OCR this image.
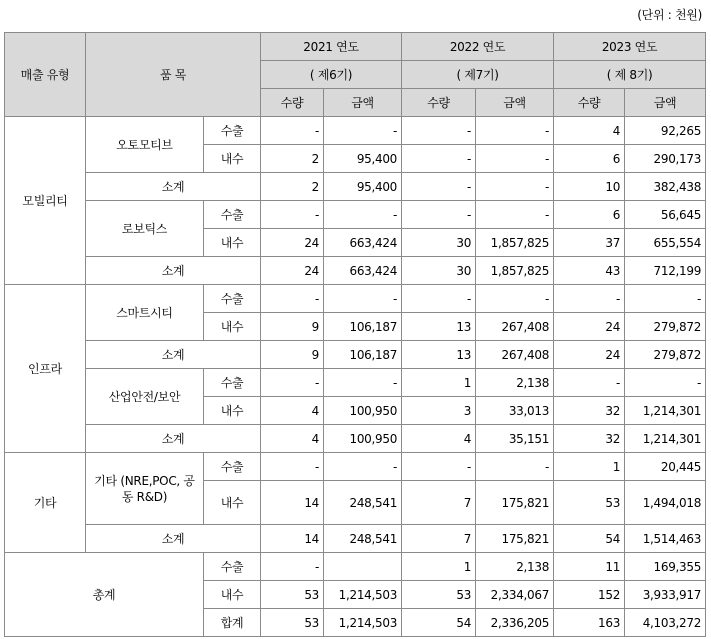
(단위 : 천원)
매출 유형	품 목		2021 연도		2022 연도		2023 연도	
			( 제6기)		( 제7기)		( 제 8기)	
			수량	금액	수량	금액	수량	금액
모빌리티	오토모티브	수출	-	-	-	-	4	92,265
		내수	2	95,400	-	-	6	290,173
	소계		2	95,400	-	-	10	382,438
	로보틱스	수출	-	-	-	-	6	56,645
		내수	24	663,424	30	1,857,825	37	655,554
	소계		24	663,424	30	1,857,825	43	712,199
인프라	스마트시티	수출	-	-	-	-	-	-
		내수	9	106,187	13	267,408	24	279,872
	소계		9	106,187	13	267,408	24	279,872
	산업안전/보안	수출	-	-	1	2,138	-	-
		내수	4	100,950	3	33,013	32	1,214,301
	소계		4	100,950	4	35,151	32	1,214,301
기타	기타 (NRE,POC, 공동 R&D)	수출	-	-	-	-	1	20,445
		내수	14	248,541	7	175,821	53	1,494,018
	소계		14	248,541	7	175,821	54	1,514,463
총계		수출	-		1	2,138	11	169,355
		내수	53	1,214,503	53	2,334,067	152	3,933,917
		합계	53	1,214,503	54	2,336,205	163	4,103,272
